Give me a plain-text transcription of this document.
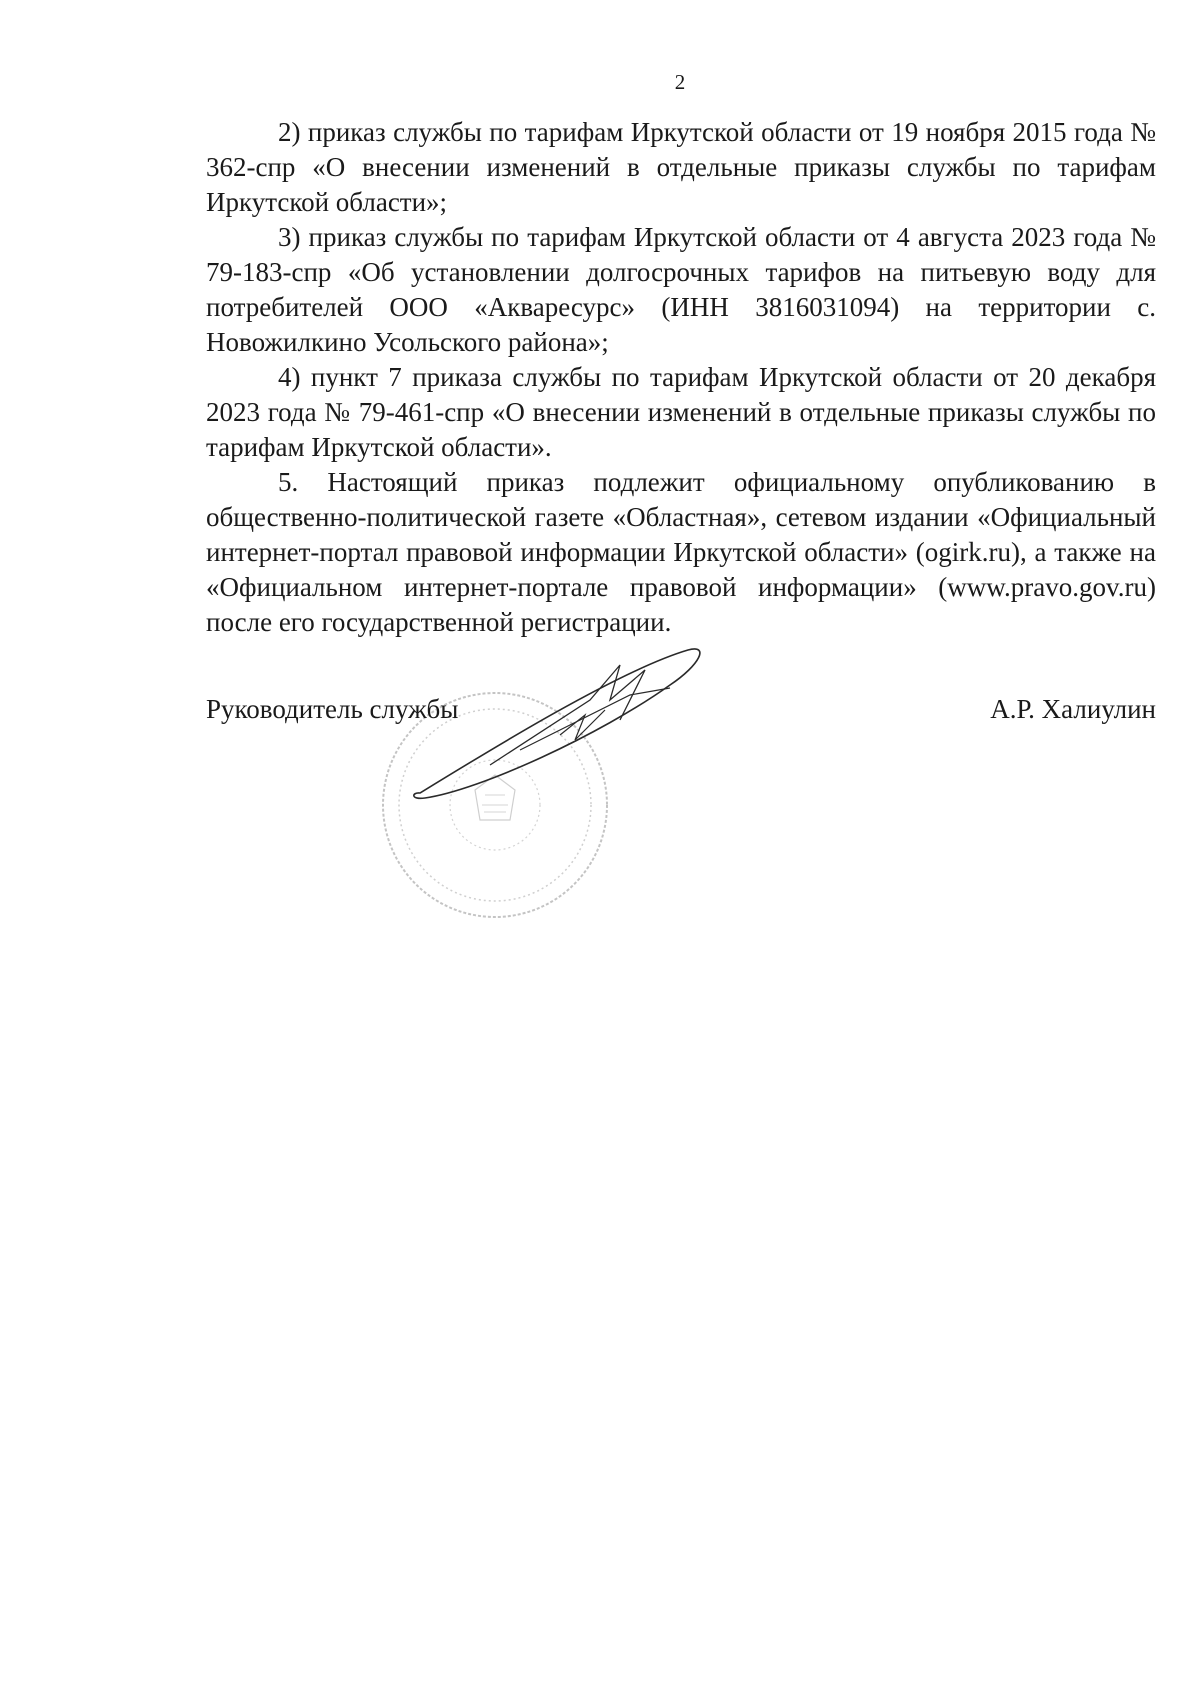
2

2) приказ службы по тарифам Иркутской области от 19 ноября 2015 года № 362-спр «О внесении изменений в отдельные приказы службы по тарифам Иркутской области»;

3) приказ службы по тарифам Иркутской области от 4 августа 2023 года № 79-183-спр «Об установлении долгосрочных тарифов на питьевую воду для потребителей ООО «Акваресурс» (ИНН 3816031094) на территории с. Новожилкино Усольского района»;

4) пункт 7 приказа службы по тарифам Иркутской области от 20 декабря 2023 года № 79-461-спр «О внесении изменений в отдельные приказы службы по тарифам Иркутской области».

5. Настоящий приказ подлежит официальному опубликованию в общественно-политической газете «Областная», сетевом издании «Официальный интернет-портал правовой информации Иркутской области» (ogirk.ru), а также на «Официальном интернет-портале правовой информации» (www.pravo.gov.ru) после его государственной регистрации.

Руководитель службы	А.Р. Халиулин
